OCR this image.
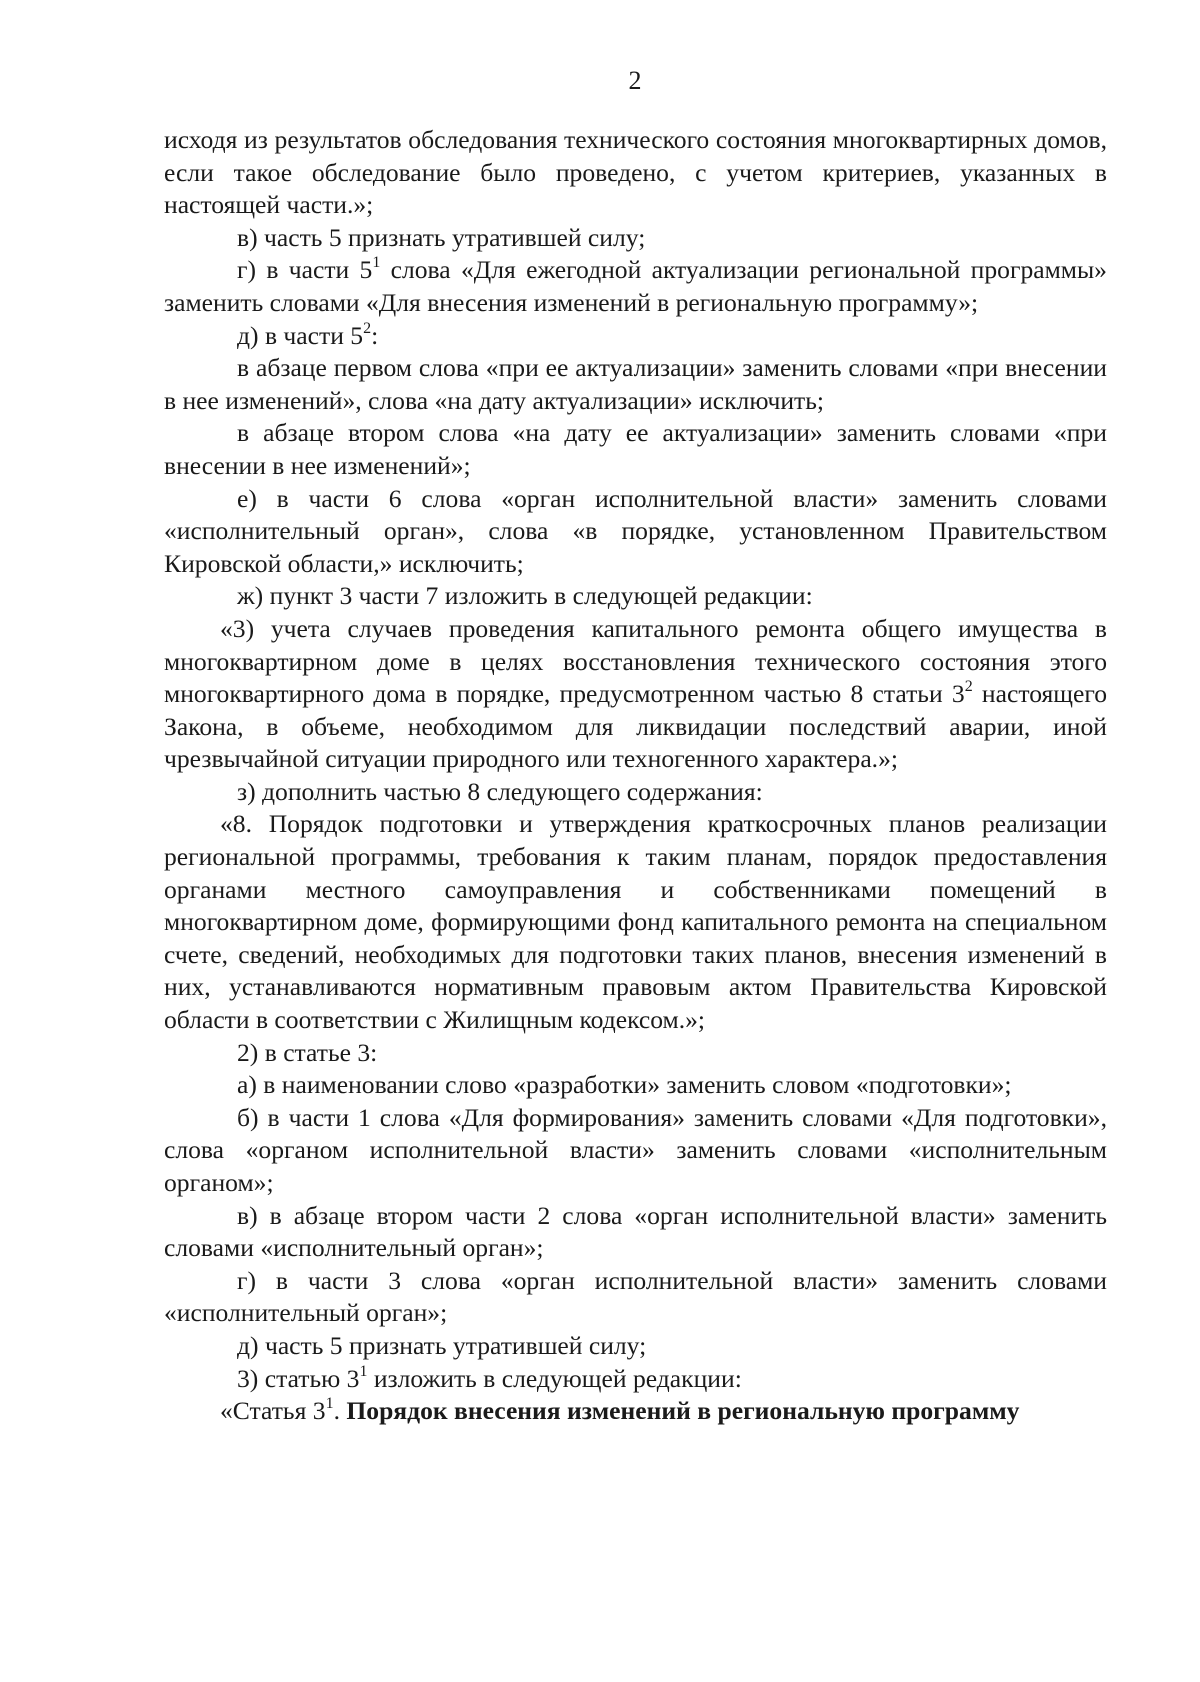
2

исходя из результатов обследования технического состояния многоквартирных домов, если такое обследование было проведено, с учетом критериев, указанных в настоящей части.»;

в) часть 5 признать утратившей силу;

г) в части $5^1$ слова «Для ежегодной актуализации региональной программы» заменить словами «Для внесения изменений в региональную программу»;

д) в части $5^2$:

в абзаце первом слова «при ее актуализации» заменить словами «при внесении в нее изменений», слова «на дату актуализации» исключить;

в абзаце втором слова «на дату ее актуализации» заменить словами «при внесении в нее изменений»;

е) в части 6 слова «орган исполнительной власти» заменить словами «исполнительный орган», слова «в порядке, установленном Правительством Кировской области,» исключить;

ж) пункт 3 части 7 изложить в следующей редакции:

«3) учета случаев проведения капитального ремонта общего имущества в многоквартирном доме в целях восстановления технического состояния этого многоквартирного дома в порядке, предусмотренном частью 8 статьи $3^2$ настоящего Закона, в объеме, необходимом для ликвидации последствий аварии, иной чрезвычайной ситуации природного или техногенного характера.»;

з) дополнить частью 8 следующего содержания:

«8. Порядок подготовки и утверждения краткосрочных планов реализации региональной программы, требования к таким планам, порядок предоставления органами местного самоуправления и собственниками помещений в многоквартирном доме, формирующими фонд капитального ремонта на специальном счете, сведений, необходимых для подготовки таких планов, внесения изменений в них, устанавливаются нормативным правовым актом Правительства Кировской области в соответствии с Жилищным кодексом.»;

2) в статье 3:

а) в наименовании слово «разработки» заменить словом «подготовки»;

б) в части 1 слова «Для формирования» заменить словами «Для подготовки», слова «органом исполнительной власти» заменить словами «исполнительным органом»;

в) в абзаце втором части 2 слова «орган исполнительной власти» заменить словами «исполнительный орган»;

г) в части 3 слова «орган исполнительной власти» заменить словами «исполнительный орган»;

д) часть 5 признать утратившей силу;

3) статью $3^1$ изложить в следующей редакции:

«Статья $3^1$. Порядок внесения изменений в региональную программу
